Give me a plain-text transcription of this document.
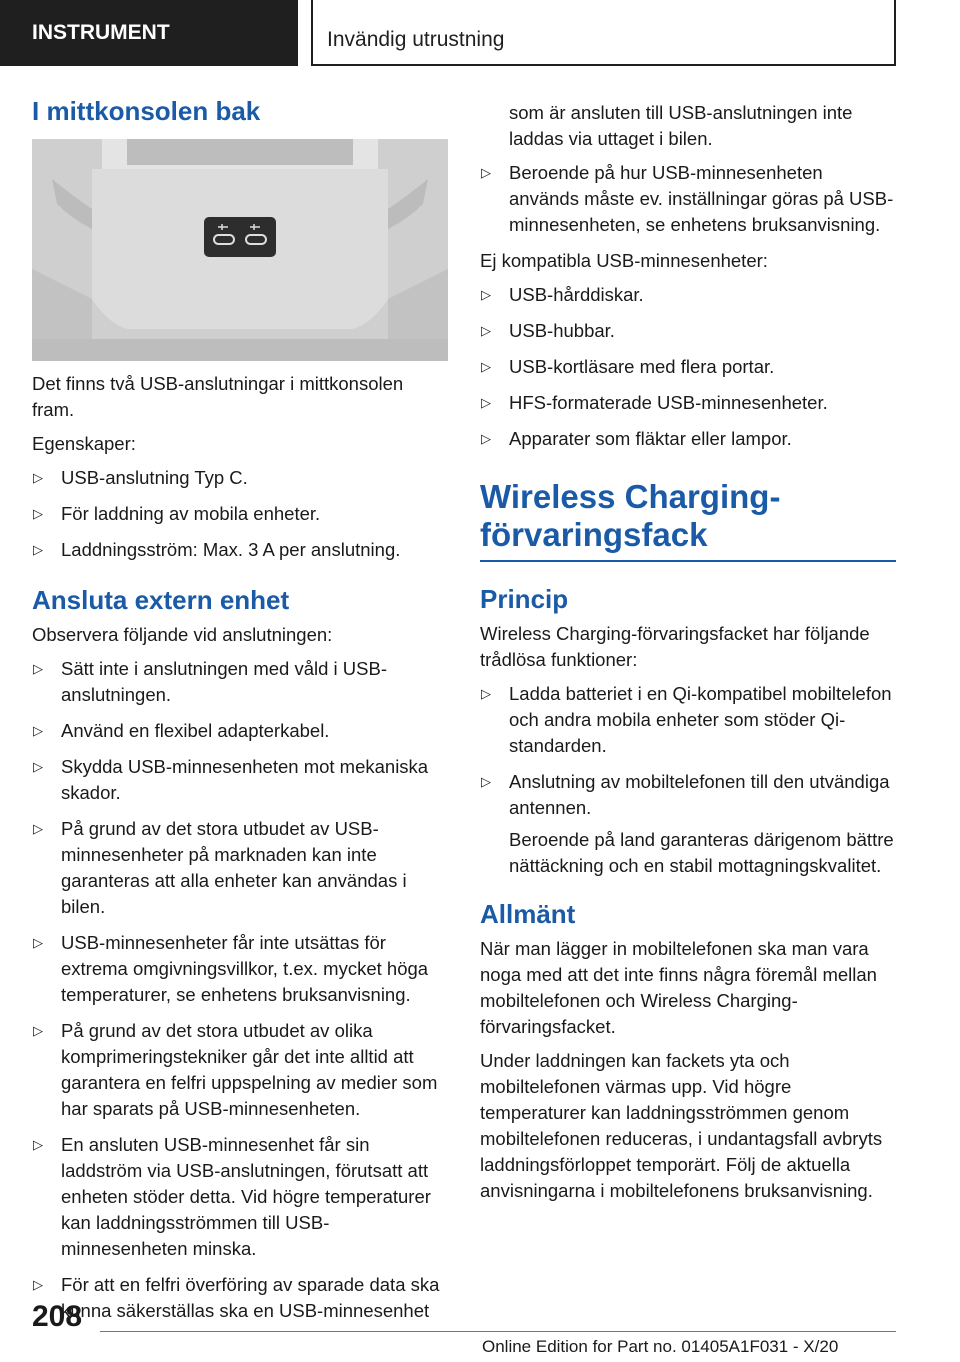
INSTRUMENT	Invändig utrustning
I mittkonsolen bak

Det finns två USB-anslutningar i mittkonsolen fram.

Egenskaper:

▷ USB-anslutning Typ C.
▷ För laddning av mobila enheter.
▷ Laddningsström: Max. 3 A per anslutning.
Ansluta extern enhet

Observera följande vid anslutningen:

▷ Sätt inte i anslutningen med våld i USB-anslutningen.
▷ Använd en flexibel adapterkabel.
▷ Skydda USB-minnesenheten mot mekaniska skador.
▷ På grund av det stora utbudet av USB-minnesenheter på marknaden kan inte garanteras att alla enheter kan användas i bilen.
▷ USB-minnesenheter får inte utsättas för extrema omgivningsvillkor, t.ex. mycket höga temperaturer, se enhetens bruksanvisning.
▷ På grund av det stora utbudet av olika komprimeringstekniker går det inte alltid att garantera en felfri uppspelning av medier som har sparats på USB-minnesenheten.
▷ En ansluten USB-minnesenhet får sin laddström via USB-anslutningen, förutsatt att enheten stöder detta. Vid högre temperaturer kan laddningsströmmen till USB-minnesenheten minska.
▷ För att en felfri överföring av sparade data ska kunna säkerställas ska en USB-minnesenhet
som är ansluten till USB-anslutningen inte laddas via uttaget i bilen.
▷ Beroende på hur USB-minnesenheten används måste ev. inställningar göras på USB-minnesenheten, se enhetens bruksanvisning.

Ej kompatibla USB-minnesenheter:

▷ USB-hårddiskar.
▷ USB-hubbar.
▷ USB-kortläsare med flera portar.
▷ HFS-formaterade USB-minnesenheter.
▷ Apparater som fläktar eller lampor.
Wireless Charging-förvaringsfack
Princip

Wireless Charging-förvaringsfacket har följande trådlösa funktioner:

▷ Ladda batteriet i en Qi-kompatibel mobiltelefon och andra mobila enheter som stöder Qi-standarden.
▷ Anslutning av mobiltelefonen till den utvändiga antennen.
Beroende på land garanteras därigenom bättre nättäckning och en stabil mottagningskvalitet.
Allmänt

När man lägger in mobiltelefonen ska man vara noga med att det inte finns några föremål mellan mobiltelefonen och Wireless Charging-förvaringsfacket.

Under laddningen kan fackets yta och mobiltelefonen värmas upp. Vid högre temperaturer kan laddningsströmmen genom mobiltelefonen reduceras, i undantagsfall avbryts laddningsförloppet temporärt. Följ de aktuella anvisningarna i mobiltelefonens bruksanvisning.

208
Online Edition for Part no. 01405A1F031 - X/20
